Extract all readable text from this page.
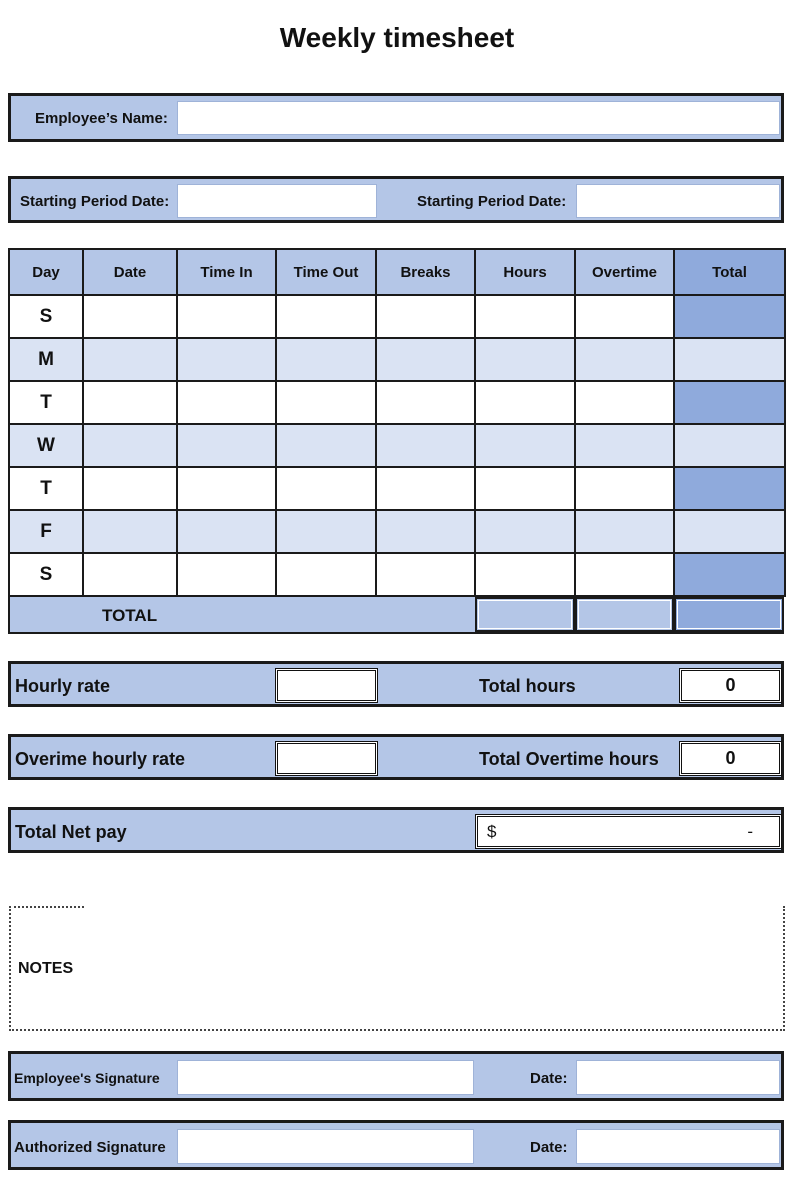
Weekly timesheet
Employee’s Name:
Starting Period Date:	Starting Period Date:
Day	Date	Time In	Time Out	Breaks	Hours	Overtime	Total
S							
M							
T							
W							
T							
F							
S							
TOTAL
Hourly rate	Total hours	0
Overime hourly rate	Total Overtime hours	0
Total Net pay	$	-
NOTES
Employee's Signature	Date:
Authorized Signature	Date:
